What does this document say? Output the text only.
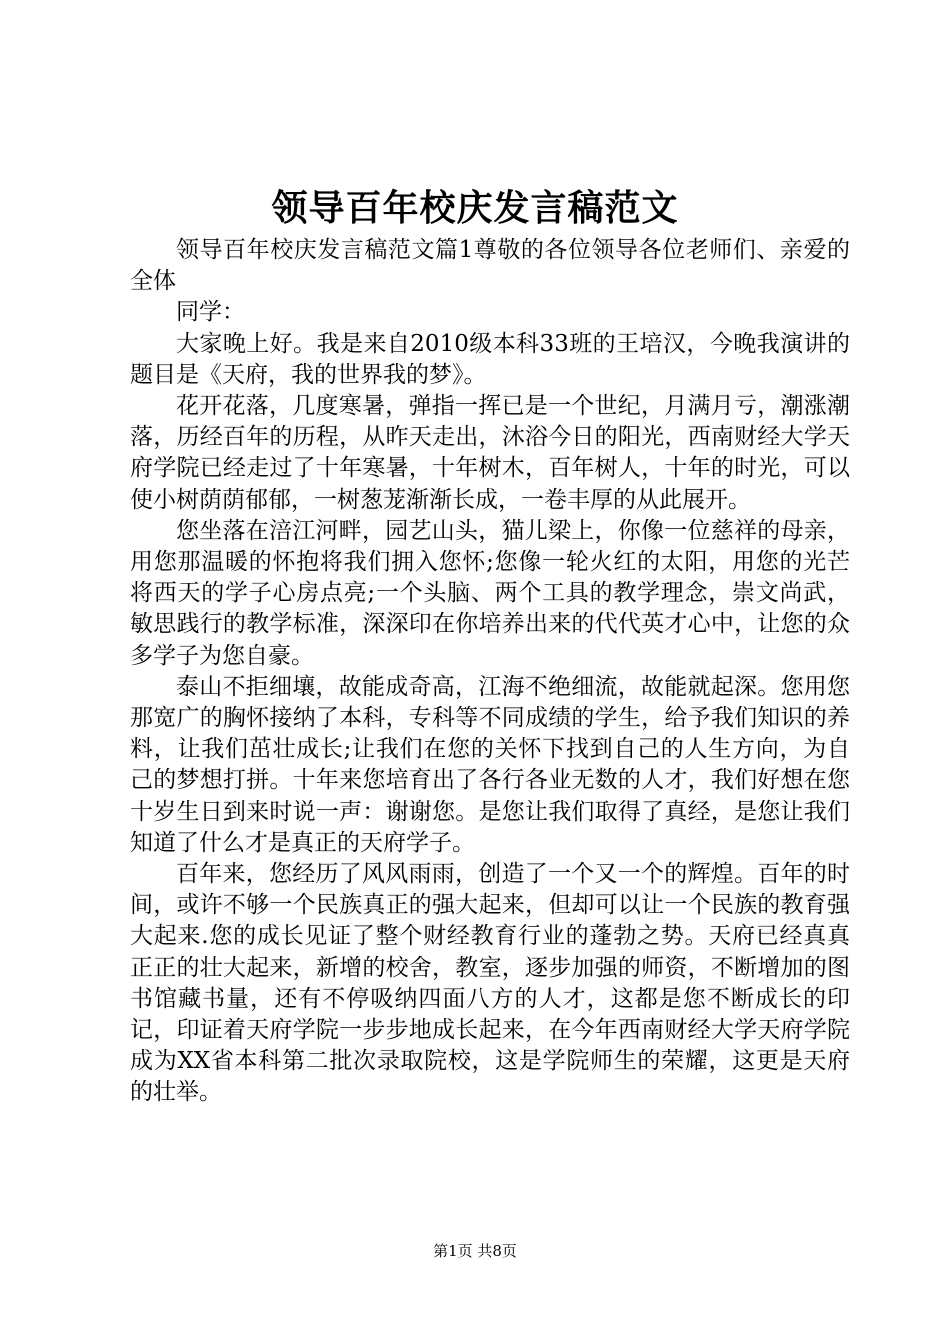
领导百年校庆发言稿范文

领导百年校庆发言稿范文篇1尊敬的各位领导各位老师们、亲爱的全体

同学：

大家晚上好。我是来自2010级本科33班的王培汉，今晚我演讲的题目是《天府，我的世界我的梦》。

花开花落，几度寒暑，弹指一挥已是一个世纪，月满月亏，潮涨潮落，历经百年的历程，从昨天走出，沐浴今日的阳光，西南财经大学天府学院已经走过了十年寒暑，十年树木，百年树人，十年的时光，可以使小树荫荫郁郁，一树葱茏渐渐长成，一卷丰厚的从此展开。

您坐落在涪江河畔，园艺山头，猫儿梁上，你像一位慈祥的母亲，用您那温暖的怀抱将我们拥入您怀;您像一轮火红的太阳，用您的光芒将西天的学子心房点亮;一个头脑、两个工具的教学理念，崇文尚武，敏思践行的教学标准，深深印在你培养出来的代代英才心中，让您的众多学子为您自豪。

泰山不拒细壤，故能成奇高，江海不绝细流，故能就起深。您用您那宽广的胸怀接纳了本科，专科等不同成绩的学生，给予我们知识的养料，让我们茁壮成长;让我们在您的关怀下找到自己的人生方向，为自己的梦想打拼。十年来您培育出了各行各业无数的人才，我们好想在您十岁生日到来时说一声：谢谢您。是您让我们取得了真经，是您让我们知道了什么才是真正的天府学子。

百年来，您经历了风风雨雨，创造了一个又一个的辉煌。百年的时间，或许不够一个民族真正的强大起来，但却可以让一个民族的教育强大起来.您的成长见证了整个财经教育行业的蓬勃之势。天府已经真真正正的壮大起来，新增的校舍，教室，逐步加强的师资，不断增加的图书馆藏书量，还有不停吸纳四面八方的人才，这都是您不断成长的印记，印证着天府学院一步步地成长起来，在今年西南财经大学天府学院成为XX省本科第二批次录取院校，这是学院师生的荣耀，这更是天府的壮举。

第1页 共8页
